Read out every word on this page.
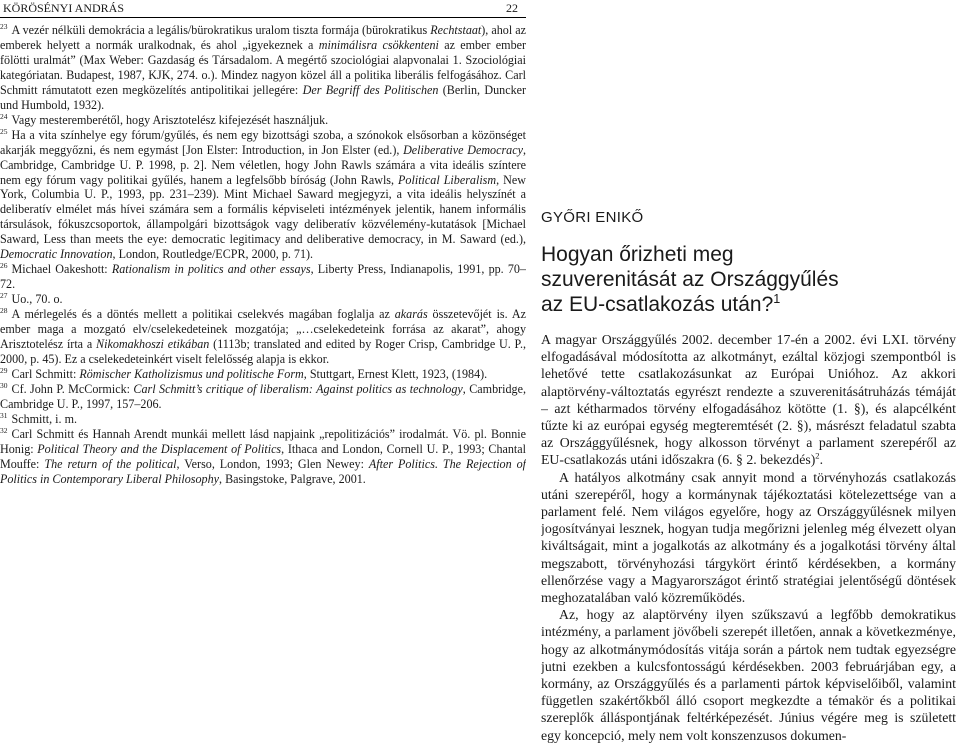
KÖRÖSÉNYI ANDRÁS	22

$^{23}$ A vezér nélküli demokrácia a legális/bürokratikus uralom tiszta formája (bürokratikus Rechtstaat), ahol az emberek helyett a normák uralkodnak, és ahol „igyekeznek a minimálisra csökkenteni az ember ember fölötti uralmát” (Max Weber: Gazdaság és Társadalom. A megértő szociológiai alapvonalai 1. Szociológiai kategóriatan. Budapest, 1987, KJK, 274. o.). Mindez nagyon közel áll a politika liberális felfogásához. Carl Schmitt rámutatott ezen megközelítés antipolitikai jellegére: Der Begriff des Politischen (Berlin, Duncker und Humbold, 1932).

$^{24}$ Vagy mesteremberétől, hogy Arisztotelész kifejezését használjuk.

$^{25}$ Ha a vita színhelye egy fórum/gyűlés, és nem egy bizottsági szoba, a szónokok elsősorban a közönséget akarják meggyőzni, és nem egymást [Jon Elster: Introduction, in Jon Elster (ed.), Deliberative Democracy, Cambridge, Cambridge U. P. 1998, p. 2]. Nem véletlen, hogy John Rawls számára a vita ideális színtere nem egy fórum vagy politikai gyűlés, hanem a legfelsőbb bíróság (John Rawls, Political Liberalism, New York, Columbia U. P., 1993, pp. 231–239). Mint Michael Saward megjegyzi, a vita ideális helyszínét a deliberatív elmélet más hívei számára sem a formális képviseleti intézmények jelentik, hanem informális társulások, fókuszcsoportok, állampolgári bizottságok vagy deliberatív közvélemény-kutatások [Michael Saward, Less than meets the eye: democratic legitimacy and deliberative democracy, in M. Saward (ed.), Democratic Innovation, London, Routledge/ECPR, 2000, p. 71).

$^{26}$ Michael Oakeshott: Rationalism in politics and other essays, Liberty Press, Indianapolis, 1991, pp. 70–72.

$^{27}$ Uo., 70. o.

$^{28}$ A mérlegelés és a döntés mellett a politikai cselekvés magában foglalja az akarás összetevőjét is. Az ember maga a mozgató elv/cselekedeteinek mozgatója; „…cselekedeteink forrása az akarat”, ahogy Arisztotelész írta a Nikomakhoszi etikában (1113b; translated and edited by Roger Crisp, Cambridge U. P., 2000, p. 45). Ez a cselekedeteinkért viselt felelősség alapja is ekkor.

$^{29}$ Carl Schmitt: Römischer Katholizismus und politische Form, Stuttgart, Ernest Klett, 1923, (1984).

$^{30}$ Cf. John P. McCormick: Carl Schmitt’s critique of liberalism: Against politics as technology, Cambridge, Cambridge U. P., 1997, 157–206.

$^{31}$ Schmitt, i. m.

$^{32}$ Carl Schmitt és Hannah Arendt munkái mellett lásd napjaink „repolitizációs” irodalmát. Vö. pl. Bonnie Honig: Political Theory and the Displacement of Politics, Ithaca and London, Cornell U. P., 1993; Chantal Mouffe: The return of the political, Verso, London, 1993; Glen Newey: After Politics. The Rejection of Politics in Contemporary Liberal Philosophy, Basingstoke, Palgrave, 2001.

GYŐRI ENIKŐ
Hogyan őrizheti meg
szuverenitását az Országgyűlés
az EU-csatlakozás után?$^1$

A magyar Országgyűlés 2002. december 17-én a 2002. évi LXI. törvény elfogadásával módosította az alkotmányt, ezáltal közjogi szempontból is lehetővé tette csatlakozásunkat az Európai Unióhoz. Az akkori alaptörvény-változtatás egyrészt rendezte a szuverenitásátruházás témáját – azt kétharmados törvény elfogadásához kötötte (1. §), és alapcélként tűzte ki az európai egység megteremtését (2. §), másrészt feladatul szabta az Országgyűlésnek, hogy alkosson törvényt a parlament szerepéről az EU-csatlakozás utáni időszakra (6. § 2. bekezdés)$^2$.

A hatályos alkotmány csak annyit mond a törvényhozás csatlakozás utáni szerepéről, hogy a kormánynak tájékoztatási kötelezettsége van a parlament felé. Nem világos egyelőre, hogy az Országgyűlésnek milyen jogosítványai lesznek, hogyan tudja megőrizni jelenleg még élvezett olyan kiváltságait, mint a jogalkotás az alkotmány és a jogalkotási törvény által megszabott, törvényhozási tárgykört érintő kérdésekben, a kormány ellenőrzése vagy a Magyarországot érintő stratégiai jelentőségű döntések meghozatalában való közreműködés.

Az, hogy az alaptörvény ilyen szűkszavú a legfőbb demokratikus intézmény, a parlament jövőbeli szerepét illetően, annak a következménye, hogy az alkotmánymódosítás vitája során a pártok nem tudtak egyezségre jutni ezekben a kulcsfontosságú kérdésekben. 2003 februárjában egy, a kormány, az Országgyűlés és a parlamenti pártok képviselőiből, valamint független szakértőkből álló csoport megkezdte a témakör és a politikai szereplők álláspontjának feltérképezését. Június végére meg is született egy koncepció, mely nem volt konszenzusos dokumen-
